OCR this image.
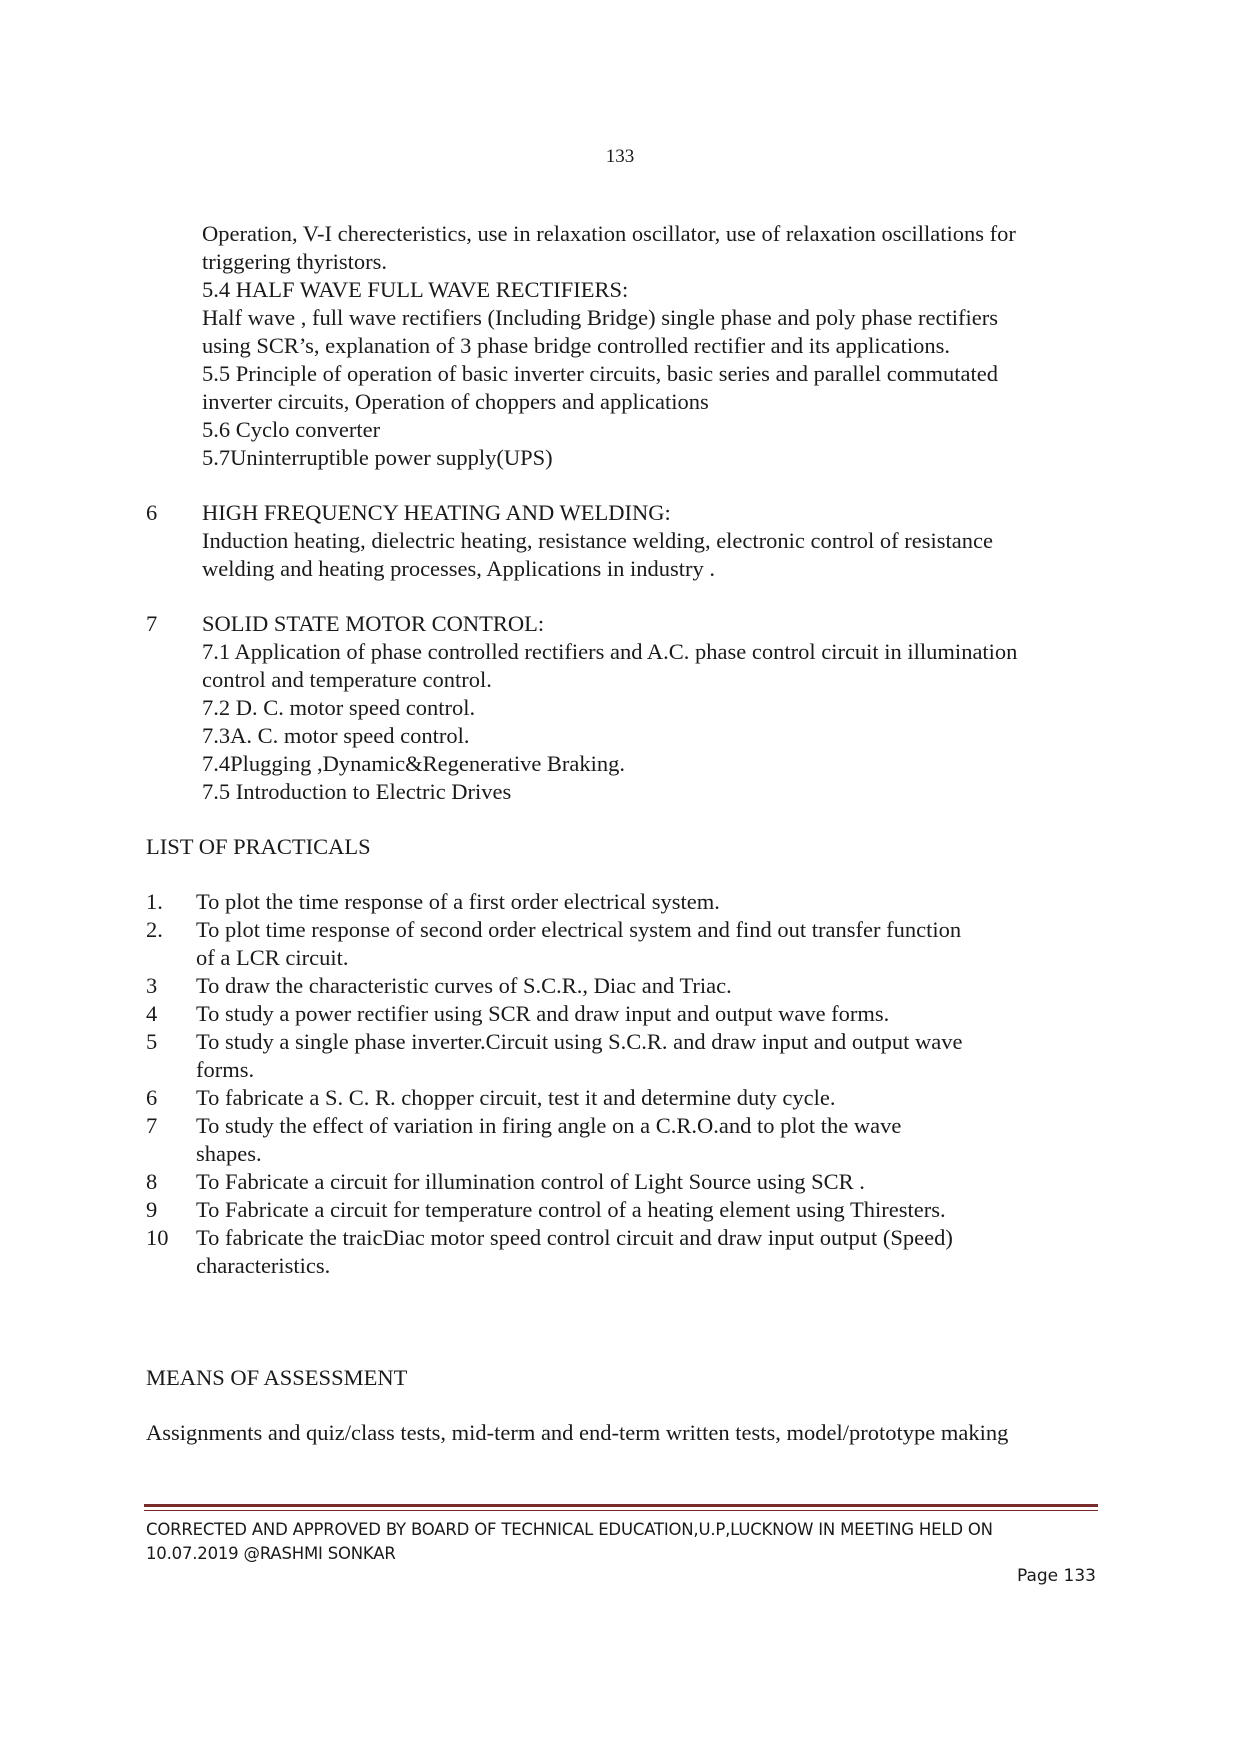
133
Operation, V-I cherecteristics, use in relaxation oscillator, use of relaxation oscillations for
triggering thyristors.
5.4 HALF WAVE FULL WAVE RECTIFIERS:
Half wave , full wave rectifiers (Including Bridge) single phase and poly phase rectifiers
using SCR’s, explanation of 3 phase bridge controlled rectifier and its applications.
5.5 Principle of operation of basic inverter circuits, basic series and parallel commutated
inverter circuits, Operation of choppers and applications
5.6 Cyclo converter
5.7Uninterruptible power supply(UPS)
6	HIGH FREQUENCY HEATING AND WELDING:
Induction heating, dielectric heating, resistance welding, electronic control of resistance
welding and heating processes, Applications in industry .
7	SOLID STATE MOTOR CONTROL:
7.1 Application of phase controlled rectifiers and A.C. phase control circuit in illumination
control and temperature control.
7.2 D. C. motor speed control.
7.3A. C. motor speed control.
7.4Plugging ,Dynamic&Regenerative Braking.
7.5 Introduction to Electric Drives
LIST OF PRACTICALS
1.	To plot the time response of a first order electrical system.
2.	To plot time response of second order electrical system and find out transfer function
of a LCR circuit.
3	To draw the characteristic curves of S.C.R., Diac and Triac.
4	To study a power rectifier using SCR and draw input and output wave forms.
5	To study a single phase inverter.Circuit using S.C.R. and draw input and output wave
forms.
6	To fabricate a S. C. R. chopper circuit, test it and determine duty cycle.
7	To study the effect of variation in firing angle on a C.R.O.and to plot the wave
shapes.
8	To Fabricate a circuit for illumination control of Light Source using SCR .
9	To Fabricate a circuit for temperature control of a heating element using Thiresters.
10	To fabricate the traicDiac motor speed control circuit and draw input output (Speed)
characteristics.
MEANS OF ASSESSMENT
Assignments and quiz/class tests, mid-term and end-term written tests, model/prototype making
CORRECTED AND APPROVED BY BOARD OF TECHNICAL EDUCATION,U.P,LUCKNOW IN MEETING HELD ON
10.07.2019 @RASHMI SONKAR
Page 133
